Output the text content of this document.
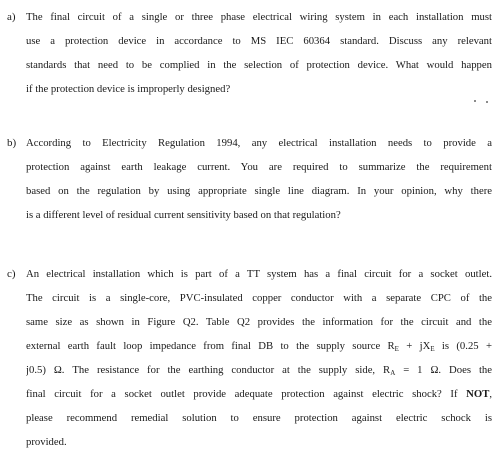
a) The final circuit of a single or three phase electrical wiring system in each installation must
use a protection device in accordance to MS IEC 60364 standard. Discuss any relevant
standards that need to be complied in the selection of protection device. What would happen
if the protection device is improperly designed?
b) According to Electricity Regulation 1994, any electrical installation needs to provide a
protection against earth leakage current. You are required to summarize the requirement
based on the regulation by using appropriate single line diagram. In your opinion, why there
is a different level of residual current sensitivity based on that regulation?
c) An electrical installation which is part of a TT system has a final circuit for a socket outlet.
The circuit is a single-core, PVC-insulated copper conductor with a separate CPC of the
same size as shown in Figure Q2. Table Q2 provides the information for the circuit and the
external earth fault loop impedance from final DB to the supply source $R_E + jX_E$ is (0.25 +
j0.5) Ω. The resistance for the earthing conductor at the supply side, $R_A = 1$ Ω. Does the
final circuit for a socket outlet provide adequate protection against electric shock? If NOT,
please recommend remedial solution to ensure protection against electric schock is
provided.
